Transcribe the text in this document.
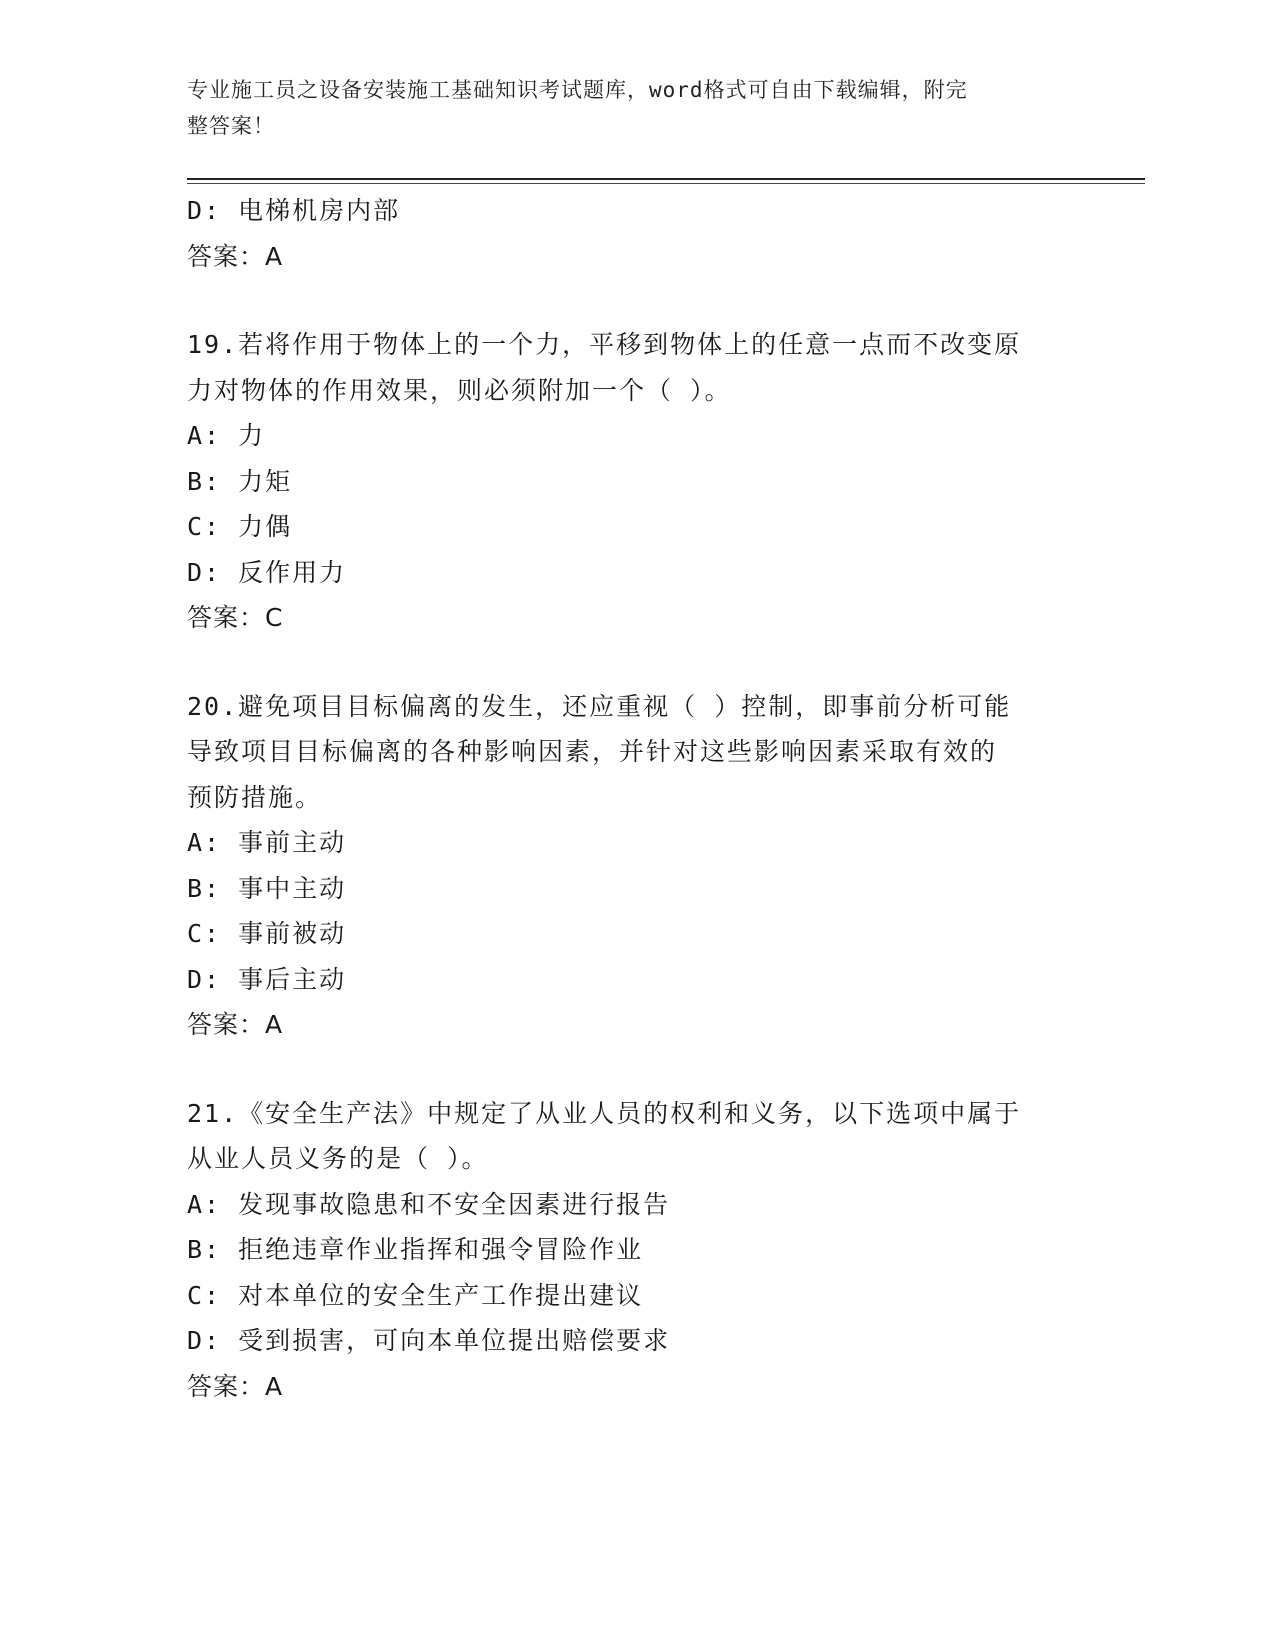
专业施工员之设备安装施工基础知识考试题库，word格式可自由下载编辑，附完
整答案！
D: 电梯机房内部
答案：A
19.若将作用于物体上的一个力，平移到物体上的任意一点而不改变原
力对物体的作用效果，则必须附加一个（ ）。
A: 力
B: 力矩
C: 力偶
D: 反作用力
答案：C
20.避免项目目标偏离的发生，还应重视（ ）控制，即事前分析可能
导致项目目标偏离的各种影响因素，并针对这些影响因素采取有效的
预防措施。
A: 事前主动
B: 事中主动
C: 事前被动
D: 事后主动
答案：A
21.《安全生产法》中规定了从业人员的权利和义务，以下选项中属于
从业人员义务的是（ ）。
A: 发现事故隐患和不安全因素进行报告
B: 拒绝违章作业指挥和强令冒险作业
C: 对本单位的安全生产工作提出建议
D: 受到损害，可向本单位提出赔偿要求
答案：A
